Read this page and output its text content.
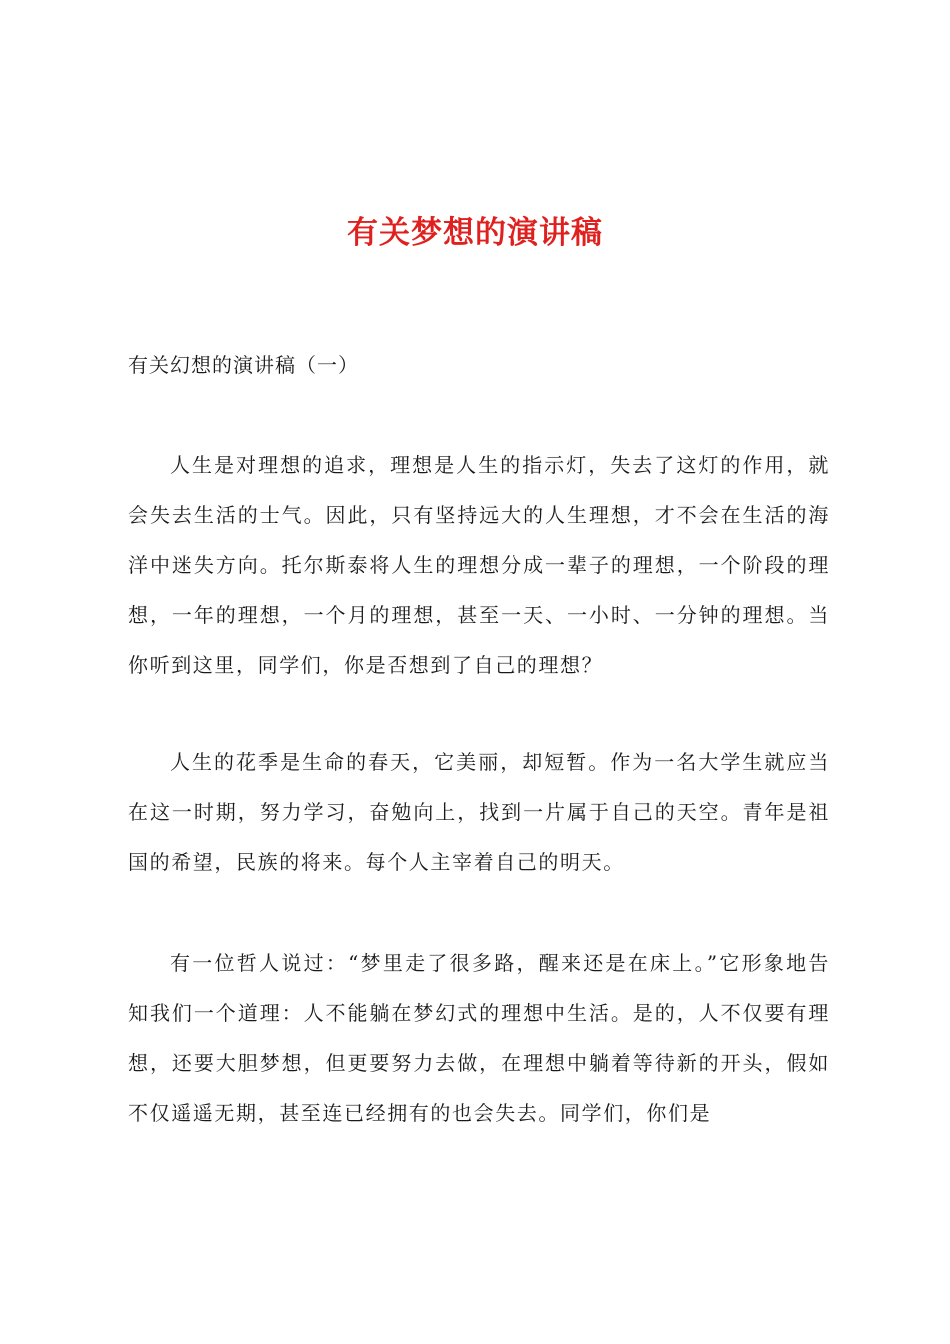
有关梦想的演讲稿

有关幻想的演讲稿（一）

人生是对理想的追求，理想是人生的指示灯，失去了这灯的作用，就会失去生活的士气。因此，只有坚持远大的人生理想，才不会在生活的海洋中迷失方向。托尔斯泰将人生的理想分成一辈子的理想，一个阶段的理想，一年的理想，一个月的理想，甚至一天、一小时、一分钟的理想。当你听到这里，同学们，你是否想到了自己的理想？

人生的花季是生命的春天，它美丽，却短暂。作为一名大学生就应当在这一时期，努力学习，奋勉向上，找到一片属于自己的天空。青年是祖国的希望，民族的将来。每个人主宰着自己的明天。

有一位哲人说过：“梦里走了很多路，醒来还是在床上。”它形象地告知我们一个道理：人不能躺在梦幻式的理想中生活。是的，人不仅要有理想，还要大胆梦想，但更要努力去做，在理想中躺着等待新的开头，假如不仅遥遥无期，甚至连已经拥有的也会失去。同学们，你们是
